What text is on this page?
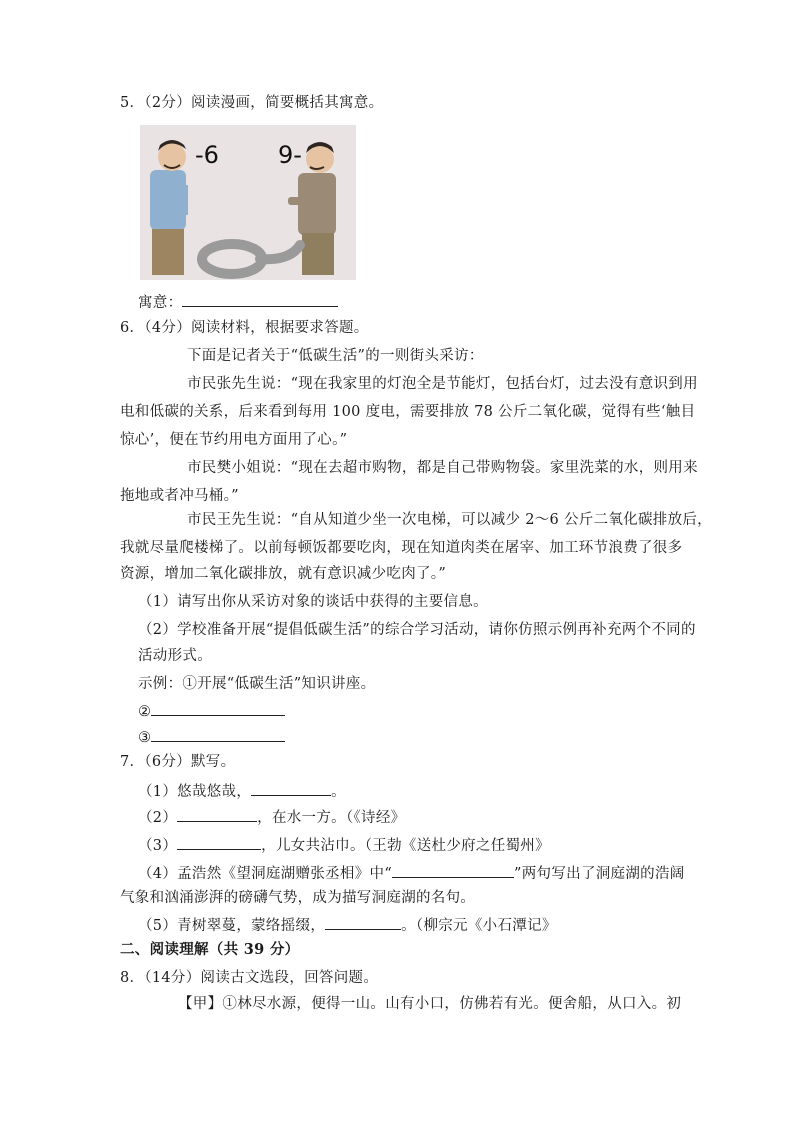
5．（2分）阅读漫画，简要概括其寓意。
-6 9-
寓意：
6．（4分）阅读材料，根据要求答题。
下面是记者关于“低碳生活”的一则街头采访：
市民张先生说：“现在我家里的灯泡全是节能灯，包括台灯，过去没有意识到用
电和低碳的关系，后来看到每用 100 度电，需要排放 78 公斤二氧化碳，觉得有些‘触目
惊心’，便在节约用电方面用了心。”
市民樊小姐说：“现在去超市购物，都是自己带购物袋。家里洗菜的水，则用来
拖地或者冲马桶。”
市民王先生说：“自从知道少坐一次电梯，可以减少 2～6 公斤二氧化碳排放后，
我就尽量爬楼梯了。以前每顿饭都要吃肉，现在知道肉类在屠宰、加工环节浪费了很多
资源，增加二氧化碳排放，就有意识减少吃肉了。”
（1）请写出你从采访对象的谈话中获得的主要信息。
（2）学校准备开展“提倡低碳生活”的综合学习活动，请你仿照示例再补充两个不同的
活动形式。
示例：①开展“低碳生活”知识讲座。
②
③
7．（6分）默写。
（1）悠哉悠哉，	。
（2）	，在水一方。（《诗经》
（3）	，儿女共沾巾。（王勃《送杜少府之任蜀州》
（4）孟浩然《望洞庭湖赠张丞相》中“	”两句写出了洞庭湖的浩阔
气象和汹涌澎湃的磅礴气势，成为描写洞庭湖的名句。
（5）青树翠蔓，蒙络摇缀，	。（柳宗元《小石潭记》
二、阅读理解（共 39 分）
8．（14分）阅读古文选段，回答问题。
【甲】①林尽水源，便得一山。山有小口，仿佛若有光。便舍船，从口入。初
